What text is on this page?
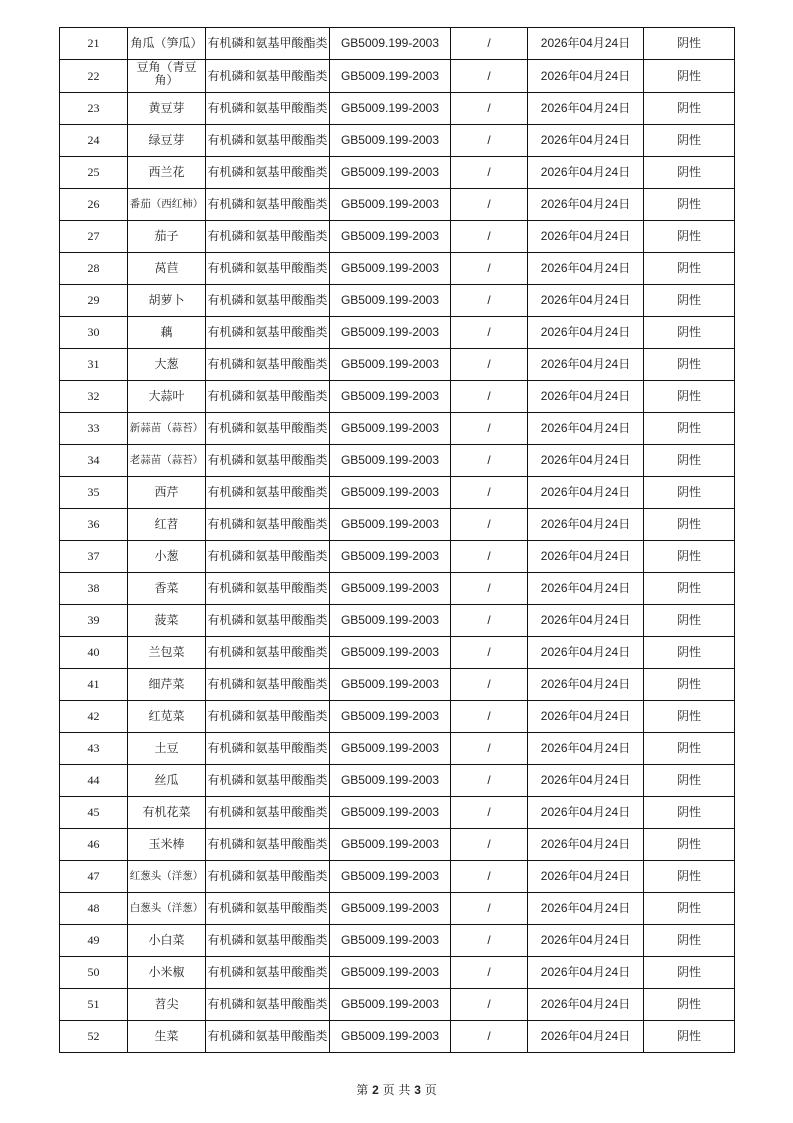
21	角瓜（笋瓜）	有机磷和氨基甲酸酯类	GB5009.199-2003	/	2026年04月24日	阴性
22	豆角（青豆角）	有机磷和氨基甲酸酯类	GB5009.199-2003	/	2026年04月24日	阴性
23	黄豆芽	有机磷和氨基甲酸酯类	GB5009.199-2003	/	2026年04月24日	阴性
24	绿豆芽	有机磷和氨基甲酸酯类	GB5009.199-2003	/	2026年04月24日	阴性
25	西兰花	有机磷和氨基甲酸酯类	GB5009.199-2003	/	2026年04月24日	阴性
26	番茄（西红柿）	有机磷和氨基甲酸酯类	GB5009.199-2003	/	2026年04月24日	阴性
27	茄子	有机磷和氨基甲酸酯类	GB5009.199-2003	/	2026年04月24日	阴性
28	莴苣	有机磷和氨基甲酸酯类	GB5009.199-2003	/	2026年04月24日	阴性
29	胡萝卜	有机磷和氨基甲酸酯类	GB5009.199-2003	/	2026年04月24日	阴性
30	藕	有机磷和氨基甲酸酯类	GB5009.199-2003	/	2026年04月24日	阴性
31	大葱	有机磷和氨基甲酸酯类	GB5009.199-2003	/	2026年04月24日	阴性
32	大蒜叶	有机磷和氨基甲酸酯类	GB5009.199-2003	/	2026年04月24日	阴性
33	新蒜苗（蒜苔）	有机磷和氨基甲酸酯类	GB5009.199-2003	/	2026年04月24日	阴性
34	老蒜苗（蒜苔）	有机磷和氨基甲酸酯类	GB5009.199-2003	/	2026年04月24日	阴性
35	西芹	有机磷和氨基甲酸酯类	GB5009.199-2003	/	2026年04月24日	阴性
36	红苕	有机磷和氨基甲酸酯类	GB5009.199-2003	/	2026年04月24日	阴性
37	小葱	有机磷和氨基甲酸酯类	GB5009.199-2003	/	2026年04月24日	阴性
38	香菜	有机磷和氨基甲酸酯类	GB5009.199-2003	/	2026年04月24日	阴性
39	菠菜	有机磷和氨基甲酸酯类	GB5009.199-2003	/	2026年04月24日	阴性
40	兰包菜	有机磷和氨基甲酸酯类	GB5009.199-2003	/	2026年04月24日	阴性
41	细芹菜	有机磷和氨基甲酸酯类	GB5009.199-2003	/	2026年04月24日	阴性
42	红苋菜	有机磷和氨基甲酸酯类	GB5009.199-2003	/	2026年04月24日	阴性
43	土豆	有机磷和氨基甲酸酯类	GB5009.199-2003	/	2026年04月24日	阴性
44	丝瓜	有机磷和氨基甲酸酯类	GB5009.199-2003	/	2026年04月24日	阴性
45	有机花菜	有机磷和氨基甲酸酯类	GB5009.199-2003	/	2026年04月24日	阴性
46	玉米棒	有机磷和氨基甲酸酯类	GB5009.199-2003	/	2026年04月24日	阴性
47	红葱头（洋葱）	有机磷和氨基甲酸酯类	GB5009.199-2003	/	2026年04月24日	阴性
48	白葱头（洋葱）	有机磷和氨基甲酸酯类	GB5009.199-2003	/	2026年04月24日	阴性
49	小白菜	有机磷和氨基甲酸酯类	GB5009.199-2003	/	2026年04月24日	阴性
50	小米椒	有机磷和氨基甲酸酯类	GB5009.199-2003	/	2026年04月24日	阴性
51	苕尖	有机磷和氨基甲酸酯类	GB5009.199-2003	/	2026年04月24日	阴性
52	生菜	有机磷和氨基甲酸酯类	GB5009.199-2003	/	2026年04月24日	阴性
第 2 页 共 3 页
